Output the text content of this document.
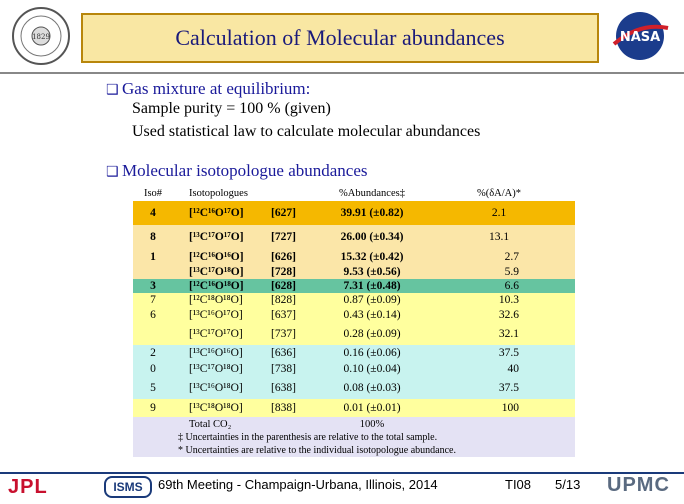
1829	Calculation of Molecular abundances	NASA
❑ Gas mixture at equilibrium:
Sample purity = 100 % (given)
Used statistical law to calculate molecular abundances
❑ Molecular isotopologue abundances
Iso#	Isotopologues		%Abundances‡	%(δA/A)*
4	[¹²C¹⁶O¹⁷O]	[627]	39.91 (±0.82)	2.1
8	[¹³C¹⁷O¹⁷O]	[727]	26.00 (±0.34)	13.1
1	[¹²C¹⁶O¹⁶O]	[626]	15.32 (±0.42)	2.7
	[¹³C¹⁷O¹⁸O]	[728]	9.53 (±0.56)	5.9
3	[¹²C¹⁶O¹⁸O]	[628]	7.31 (±0.48)	6.6
7	[¹²C¹⁸O¹⁸O]	[828]	0.87 (±0.09)	10.3
6	[¹³C¹⁶O¹⁷O]	[637]	0.43 (±0.14)	32.6
	[¹³C¹⁷O¹⁷O]	[737]	0.28 (±0.09)	32.1
2	[¹³C¹⁶O¹⁶O]	[636]	0.16 (±0.06)	37.5
0	[¹³C¹⁷O¹⁸O]	[738]	0.10 (±0.04)	40
5	[¹³C¹⁶O¹⁸O]	[638]	0.08 (±0.03)	37.5
9	[¹³C¹⁸O¹⁸O]	[838]	0.01 (±0.01)	100
	Total CO₂		100%	
‡ Uncertainties in the parenthesis are relative to the total sample.				
* Uncertainties are relative to the individual isotopologue abundance.				
JPL	ISMS	69th Meeting - Champaign-Urbana, Illinois, 2014	TI08 5/13 UPMC
